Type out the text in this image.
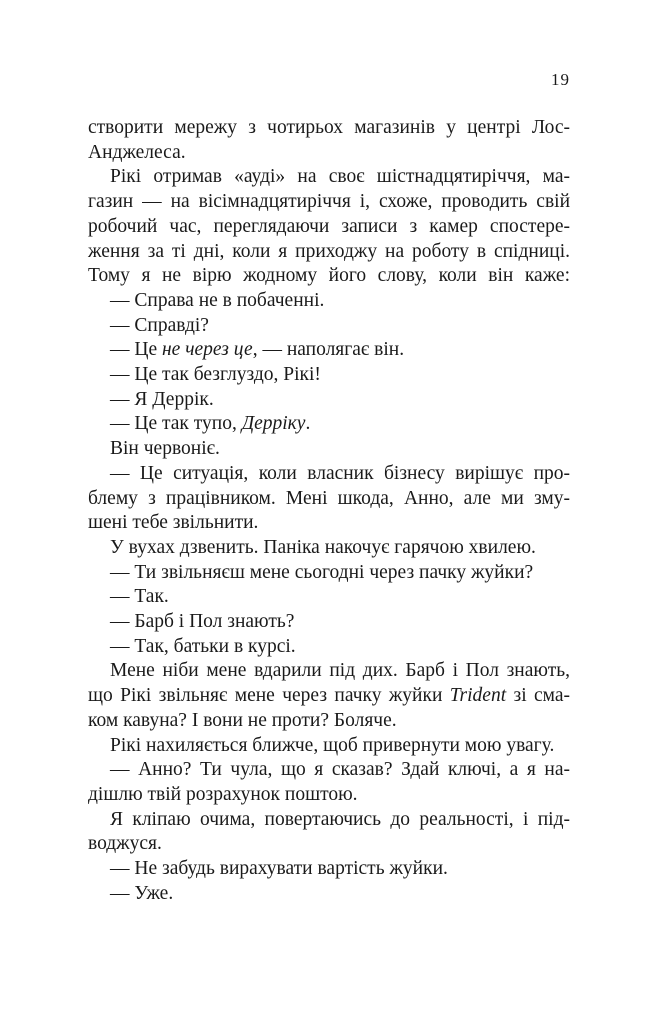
19
створити мережу з чотирьох магазинів у центрі Лос-
Анджелеса.
Рікі отримав «ауді» на своє шістнадцятиріччя, ма-
газин — на вісімнадцятиріччя і, схоже, проводить свій
робочий час, переглядаючи записи з камер спостере-
ження за ті дні, коли я приходжу на роботу в спідниці.
Тому я не вірю жодному його слову, коли він каже:
— Справа не в побаченні.
— Справді?
— Це не через це, — наполягає він.
— Це так безглуздо, Рікі!
— Я Деррік.
— Це так тупо, Деррiку.
Він червоніє.
— Це ситуація, коли власник бізнесу вирішує про-
блему з працівником. Мені шкода, Анно, але ми зму-
шені тебе звільнити.
У вухах дзвенить. Паніка накочує гарячою хвилею.
— Ти звільняєш мене сьогодні через пачку жуйки?
— Так.
— Барб і Пол знають?
— Так, батьки в курсі.
Мене ніби мене вдарили під дих. Барб і Пол знають,
що Рікі звільняє мене через пачку жуйки Trident зі сма-
ком кавуна? І вони не проти? Боляче.
Рікі нахиляється ближче, щоб привернути мою увагу.
— Анно? Ти чула, що я сказав? Здай ключі, а я на-
дішлю твій розрахунок поштою.
Я кліпаю очима, повертаючись до реальності, і під-
воджуся.
— Не забудь вирахувати вартість жуйки.
— Уже.
